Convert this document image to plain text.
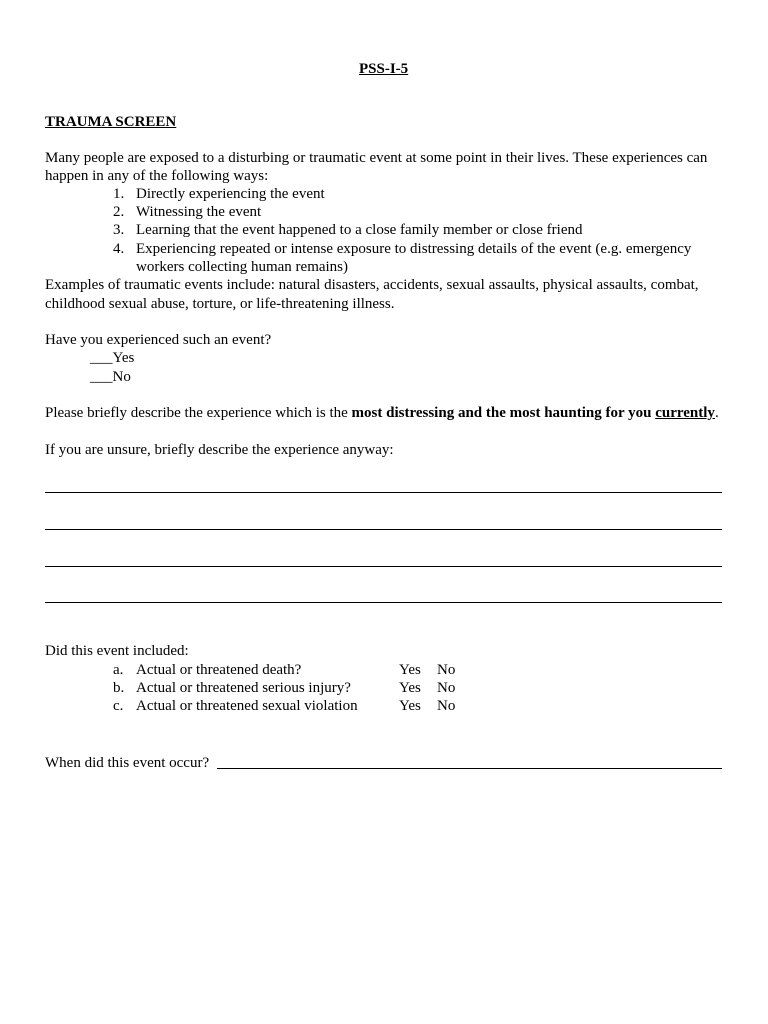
PSS-I-5
TRAUMA SCREEN
Many people are exposed to a disturbing or traumatic event at some point in their lives. These experiences can
happen in any of the following ways:
1. Directly experiencing the event
2. Witnessing the event
3. Learning that the event happened to a close family member or close friend
4. Experiencing repeated or intense exposure to distressing details of the event (e.g. emergency
workers collecting human remains)
Examples of traumatic events include: natural disasters, accidents, sexual assaults, physical assaults, combat,
childhood sexual abuse, torture, or life-threatening illness.
Have you experienced such an event?
___Yes
___No
Please briefly describe the experience which is the most distressing and the most haunting for you currently.
If you are unsure, briefly describe the experience anyway:
Did this event included:
a. Actual or threatened death?	Yes No
b. Actual or threatened serious injury?	Yes No
c. Actual or threatened sexual violation	Yes No
When did this event occur?
